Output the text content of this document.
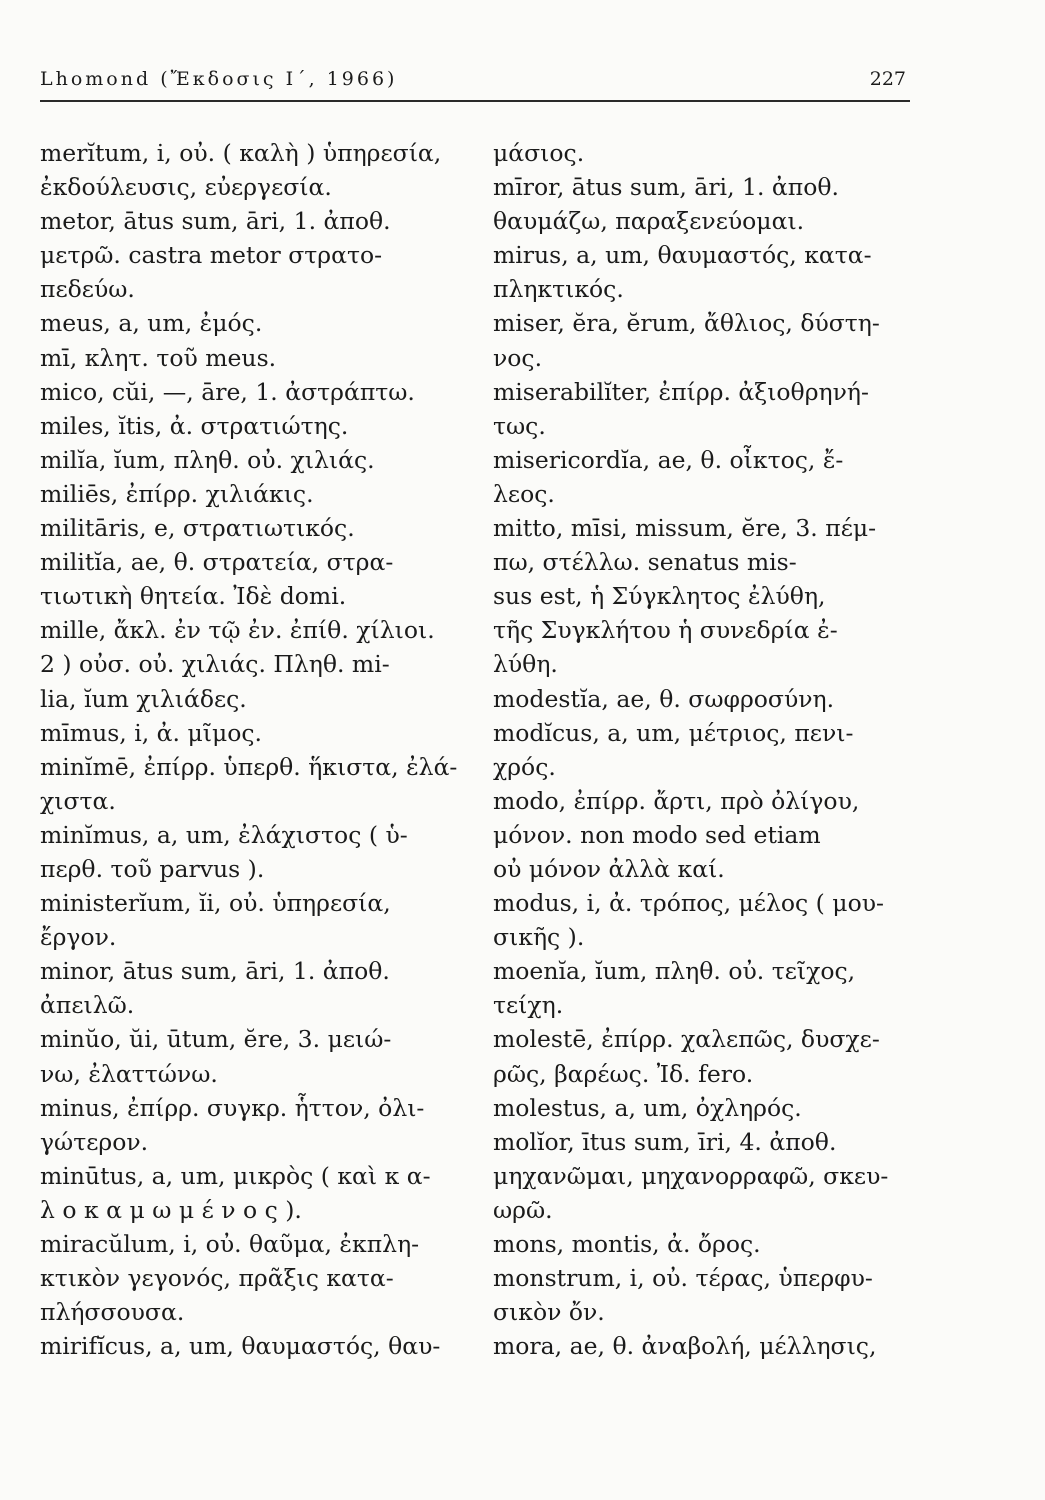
Lhomond (Ἔκδοσις Ι΄, 1966)	227
merĭtum, i, οὐ. ( καλὴ ) ὑπηρεσία,
ἐκδούλευσις, εὐεργεσία.
metor, ātus sum, āri, 1. ἀποθ.
μετρῶ. castra metor στρατο-
πεδεύω.
meus, a, um, ἐμός.
mī, κλητ. τοῦ meus.
mico, cŭi, —, āre, 1. ἀστράπτω.
miles, ĭtis, ἀ. στρατιώτης.
milĭa, ĭum, πληθ. οὐ. χιλιάς.
miliēs, ἐπίρρ. χιλιάκις.
militāris, e, στρατιωτικός.
militĭa, ae, θ. στρατεία, στρα-
τιωτικὴ θητεία. Ἰδὲ domi.
mille, ἄκλ. ἐν τῷ ἐν. ἐπίθ. χίλιοι.
2 ) οὐσ. οὐ. χιλιάς. Πληθ. mi-
lia, ĭum χιλιάδες.
mīmus, i, ἀ. μῖμος.
minĭmē, ἐπίρρ. ὑπερθ. ἥκιστα, ἐλά-
χιστα.
minĭmus, a, um, ἐλάχιστος ( ὑ-
περθ. τοῦ parvus ).
ministerĭum, ĭi, οὐ. ὑπηρεσία,
ἔργον.
minor, ātus sum, āri, 1. ἀποθ.
ἀπειλῶ.
minŭo, ŭi, ūtum, ĕre, 3. μειώ-
νω, ἐλαττώνω.
minus, ἐπίρρ. συγκρ. ἧττον, ὀλι-
γώτερον.
minūtus, a, um, μικρὸς ( καὶ κ α-
λ ο κ α μ ω μ έ ν ο ς ).
miracŭlum, i, οὐ. θαῦμα, ἐκπλη-
κτικὸν γεγονός, πρᾶξις κατα-
πλήσσουσα.
mirifĭcus, a, um, θαυμαστός, θαυ-
μάσιος.
mīror, ātus sum, āri, 1. ἀποθ.
θαυμάζω, παραξενεύομαι.
mirus, a, um, θαυμαστός, κατα-
πληκτικός.
miser, ĕra, ĕrum, ἄθλιος, δύστη-
νος.
miserabilĭter, ἐπίρρ. ἀξιοθρηνή-
τως.
misericordĭa, ae, θ. οἶκτος, ἔ-
λεος.
mitto, mīsi, missum, ĕre, 3. πέμ-
πω, στέλλω. senatus mis-
sus est, ἡ Σύγκλητος ἐλύθη,
τῆς Συγκλήτου ἡ συνεδρία ἐ-
λύθη.
modestĭa, ae, θ. σωφροσύνη.
modĭcus, a, um, μέτριος, πενι-
χρός.
modo, ἐπίρρ. ἄρτι, πρὸ ὀλίγου,
μόνον. non modo sed etiam
οὐ μόνον ἀλλὰ καί.
modus, i, ἀ. τρόπος, μέλος ( μου-
σικῆς ).
moenĭa, ĭum, πληθ. οὐ. τεῖχος,
τείχη.
molestē, ἐπίρρ. χαλεπῶς, δυσχε-
ρῶς, βαρέως. Ἰδ. fero.
molestus, a, um, ὀχληρός.
molĭor, ītus sum, īri, 4. ἀποθ.
μηχανῶμαι, μηχανορραφῶ, σκευ-
ωρῶ.
mons, montis, ἀ. ὄρος.
monstrum, i, οὐ. τέρας, ὑπερφυ-
σικὸν ὄν.
mora, ae, θ. ἀναβολή, μέλλησις,
